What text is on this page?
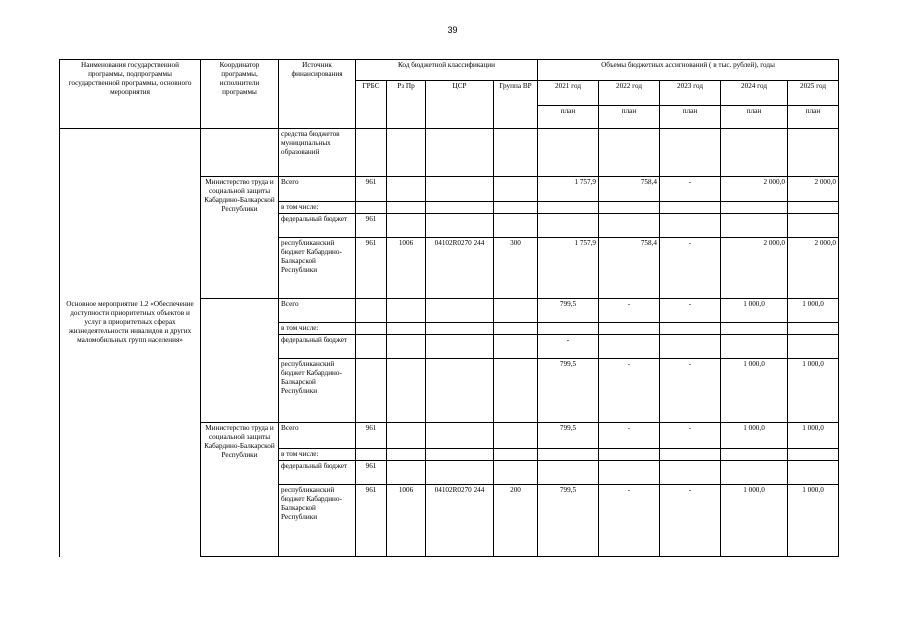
39
Наименования государственной программы, подпрограммы государственной программы, основного мероприятия	Координатор программы, исполнители программы	Источник финансирования	Код бюджетной классификации				Объемы бюджетных ассигнований ( в тыс. рублей), годы				
			ГРБС	Рз Пр	ЦСР	Группа ВР	2021 год	2022 год	2023 год	2024 год	2025 год
							план	план	план	план	план
		средства бюджетов муниципальных образований									
	Министерство труда и социальной защиты Кабардино-Балкарской Республики	Всего	961				1 757,9	758,4	-	2 000,0	2 000,0
		в том числе:									
		федеральный бюджет	961								
		республиканский бюджет Кабардино-Балкарской Республики	961	1006	04102R0270 244	300	1 757,9	758,4	-	2 000,0	2 000,0
Основное мероприятие 1.2 «Обеспечение доступности приоритетных объектов и услуг в приоритетных сферах жизнедеятельности инвалидов и других маломобильных групп населения»		Всего					799,5	-	-	1 000,0	1 000,0
		в том числе:									
		федеральный бюджет					-				
		республиканский бюджет Кабардино-Балкарской Республики					799,5	-	-	1 000,0	1 000,0
	Министерство труда и социальной защиты Кабардино-Балкарской Республики	Всего	961				799,5	-	-	1 000,0	1 000,0
		в том числе:									
		федеральный бюджет	961								
		республиканский бюджет Кабардино-Балкарской Республики	961	1006	04102R0270 244	200	799,5	-	-	1 000,0	1 000,0
